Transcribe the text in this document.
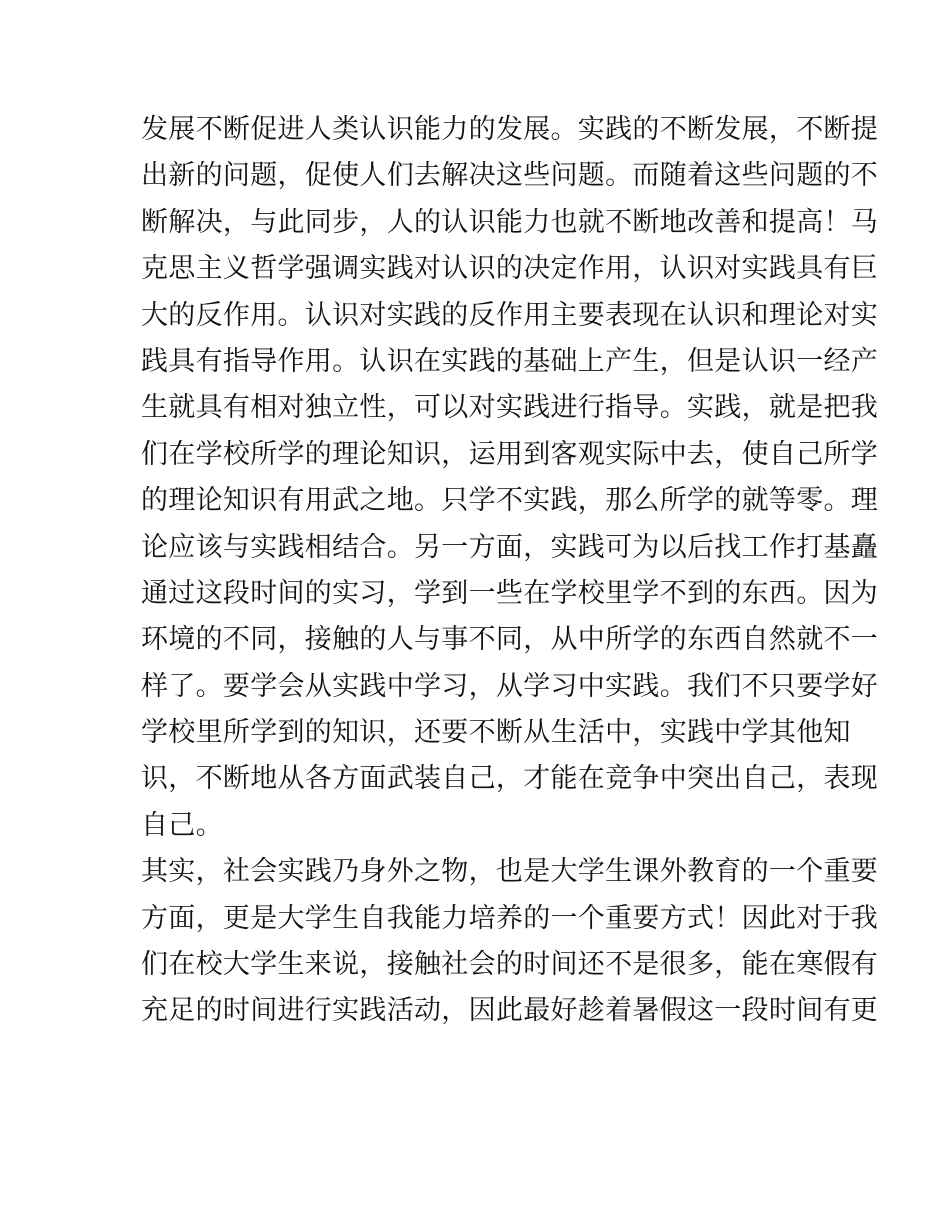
发展不断促进人类认识能力的发展。实践的不断发展，不断提
出新的问题，促使人们去解决这些问题。而随着这些问题的不
断解决，与此同步，人的认识能力也就不断地改善和提高！马
克思主义哲学强调实践对认识的决定作用，认识对实践具有巨
大的反作用。认识对实践的反作用主要表现在认识和理论对实
践具有指导作用。认识在实践的基础上产生，但是认识一经产
生就具有相对独立性，可以对实践进行指导。实践，就是把我
们在学校所学的理论知识，运用到客观实际中去，使自己所学
的理论知识有用武之地。只学不实践，那么所学的就等零。理
论应该与实践相结合。另一方面，实践可为以后找工作打基矗
通过这段时间的实习，学到一些在学校里学不到的东西。因为
环境的不同，接触的人与事不同，从中所学的东西自然就不一
样了。要学会从实践中学习，从学习中实践。我们不只要学好
学校里所学到的知识，还要不断从生活中，实践中学其他知
识，不断地从各方面武装自己，才能在竞争中突出自己，表现
自己。
其实，社会实践乃身外之物，也是大学生课外教育的一个重要
方面，更是大学生自我能力培养的一个重要方式！因此对于我
们在校大学生来说，接触社会的时间还不是很多，能在寒假有
充足的时间进行实践活动，因此最好趁着暑假这一段时间有更
